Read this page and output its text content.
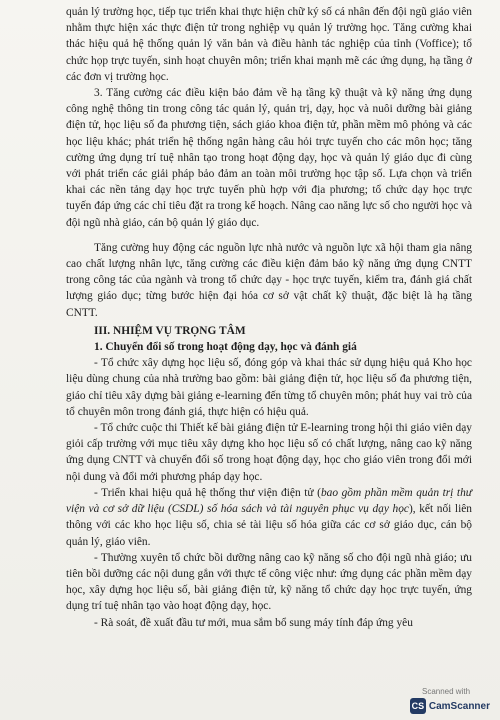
quản lý trường học, tiếp tục triển khai thực hiện chữ ký số cá nhân đến đội ngũ giáo viên nhằm thực hiện xác thực điện tử trong nghiệp vụ quản lý trường học. Tăng cường khai thác hiệu quả hệ thống quản lý văn bản và điều hành tác nghiệp của tỉnh (Voffice); tổ chức họp trực tuyến, sinh hoạt chuyên môn; triển khai mạnh mẽ các ứng dụng, hạ tầng ở các đơn vị trường học.

3. Tăng cường các điều kiện bảo đảm về hạ tầng kỹ thuật và kỹ năng ứng dụng công nghệ thông tin trong công tác quản lý, quản trị, dạy, học và nuôi dưỡng bài giảng điện tử, học liệu số đa phương tiện, sách giáo khoa điện tử, phần mềm mô phỏng và các học liệu khác; phát triển hệ thống ngân hàng câu hỏi trực tuyến cho các môn học; tăng cường ứng dụng trí tuệ nhân tạo trong hoạt động dạy, học và quản lý giáo dục đi cùng với phát triển các giải pháp bảo đảm an toàn môi trường học tập số. Lựa chọn và triển khai các nền tảng dạy học trực tuyến phù hợp với địa phương; tổ chức dạy học trực tuyến đáp ứng các chỉ tiêu đặt ra trong kế hoạch. Nâng cao năng lực số cho người học và đội ngũ nhà giáo, cán bộ quản lý giáo dục.

Tăng cường huy động các nguồn lực nhà nước và nguồn lực xã hội tham gia nâng cao chất lượng nhân lực, tăng cường các điều kiện đảm bảo kỹ năng ứng dụng CNTT trong công tác của ngành và trong tổ chức dạy - học trực tuyến, kiểm tra, đánh giá chất lượng giáo dục; từng bước hiện đại hóa cơ sở vật chất kỹ thuật, đặc biệt là hạ tầng CNTT.

III. NHIỆM VỤ TRỌNG TÂM

1. Chuyển đổi số trong hoạt động dạy, học và đánh giá

- Tổ chức xây dựng học liệu số, đóng góp và khai thác sử dụng hiệu quả Kho học liệu dùng chung của nhà trường bao gồm: bài giảng điện tử, học liệu số đa phương tiện, giáo chỉ tiêu xây dựng bài giảng e-learning đến từng tổ chuyên môn; phát huy vai trò của tổ chuyên môn trong đánh giá, thực hiện có hiệu quả.

- Tổ chức cuộc thi Thiết kế bài giảng điện tử E-learning trong hội thi giáo viên dạy giỏi cấp trường với mục tiêu xây dựng kho học liệu số có chất lượng, nâng cao kỹ năng ứng dụng CNTT và chuyển đổi số trong hoạt động dạy, học cho giáo viên trong đổi mới nội dung và đổi mới phương pháp dạy học.

- Triển khai hiệu quả hệ thống thư viện điện tử (bao gồm phần mềm quản trị thư viện và cơ sở dữ liệu (CSDL) số hóa sách và tài nguyên phục vụ dạy học), kết nối liên thông với các kho học liệu số, chia sẻ tài liệu số hóa giữa các cơ sở giáo dục, cán bộ quản lý, giáo viên.

- Thường xuyên tổ chức bồi dưỡng nâng cao kỹ năng số cho đội ngũ nhà giáo; ưu tiên bồi dưỡng các nội dung gắn với thực tế công việc như: ứng dụng các phần mềm dạy học, xây dựng học liệu số, bài giảng điện tử, kỹ năng tổ chức dạy học trực tuyến, ứng dụng trí tuệ nhân tạo vào hoạt động dạy, học.

- Rà soát, đề xuất đầu tư mới, mua sắm bổ sung máy tính đáp ứng yêu

Scanned with
CS CamScanner
